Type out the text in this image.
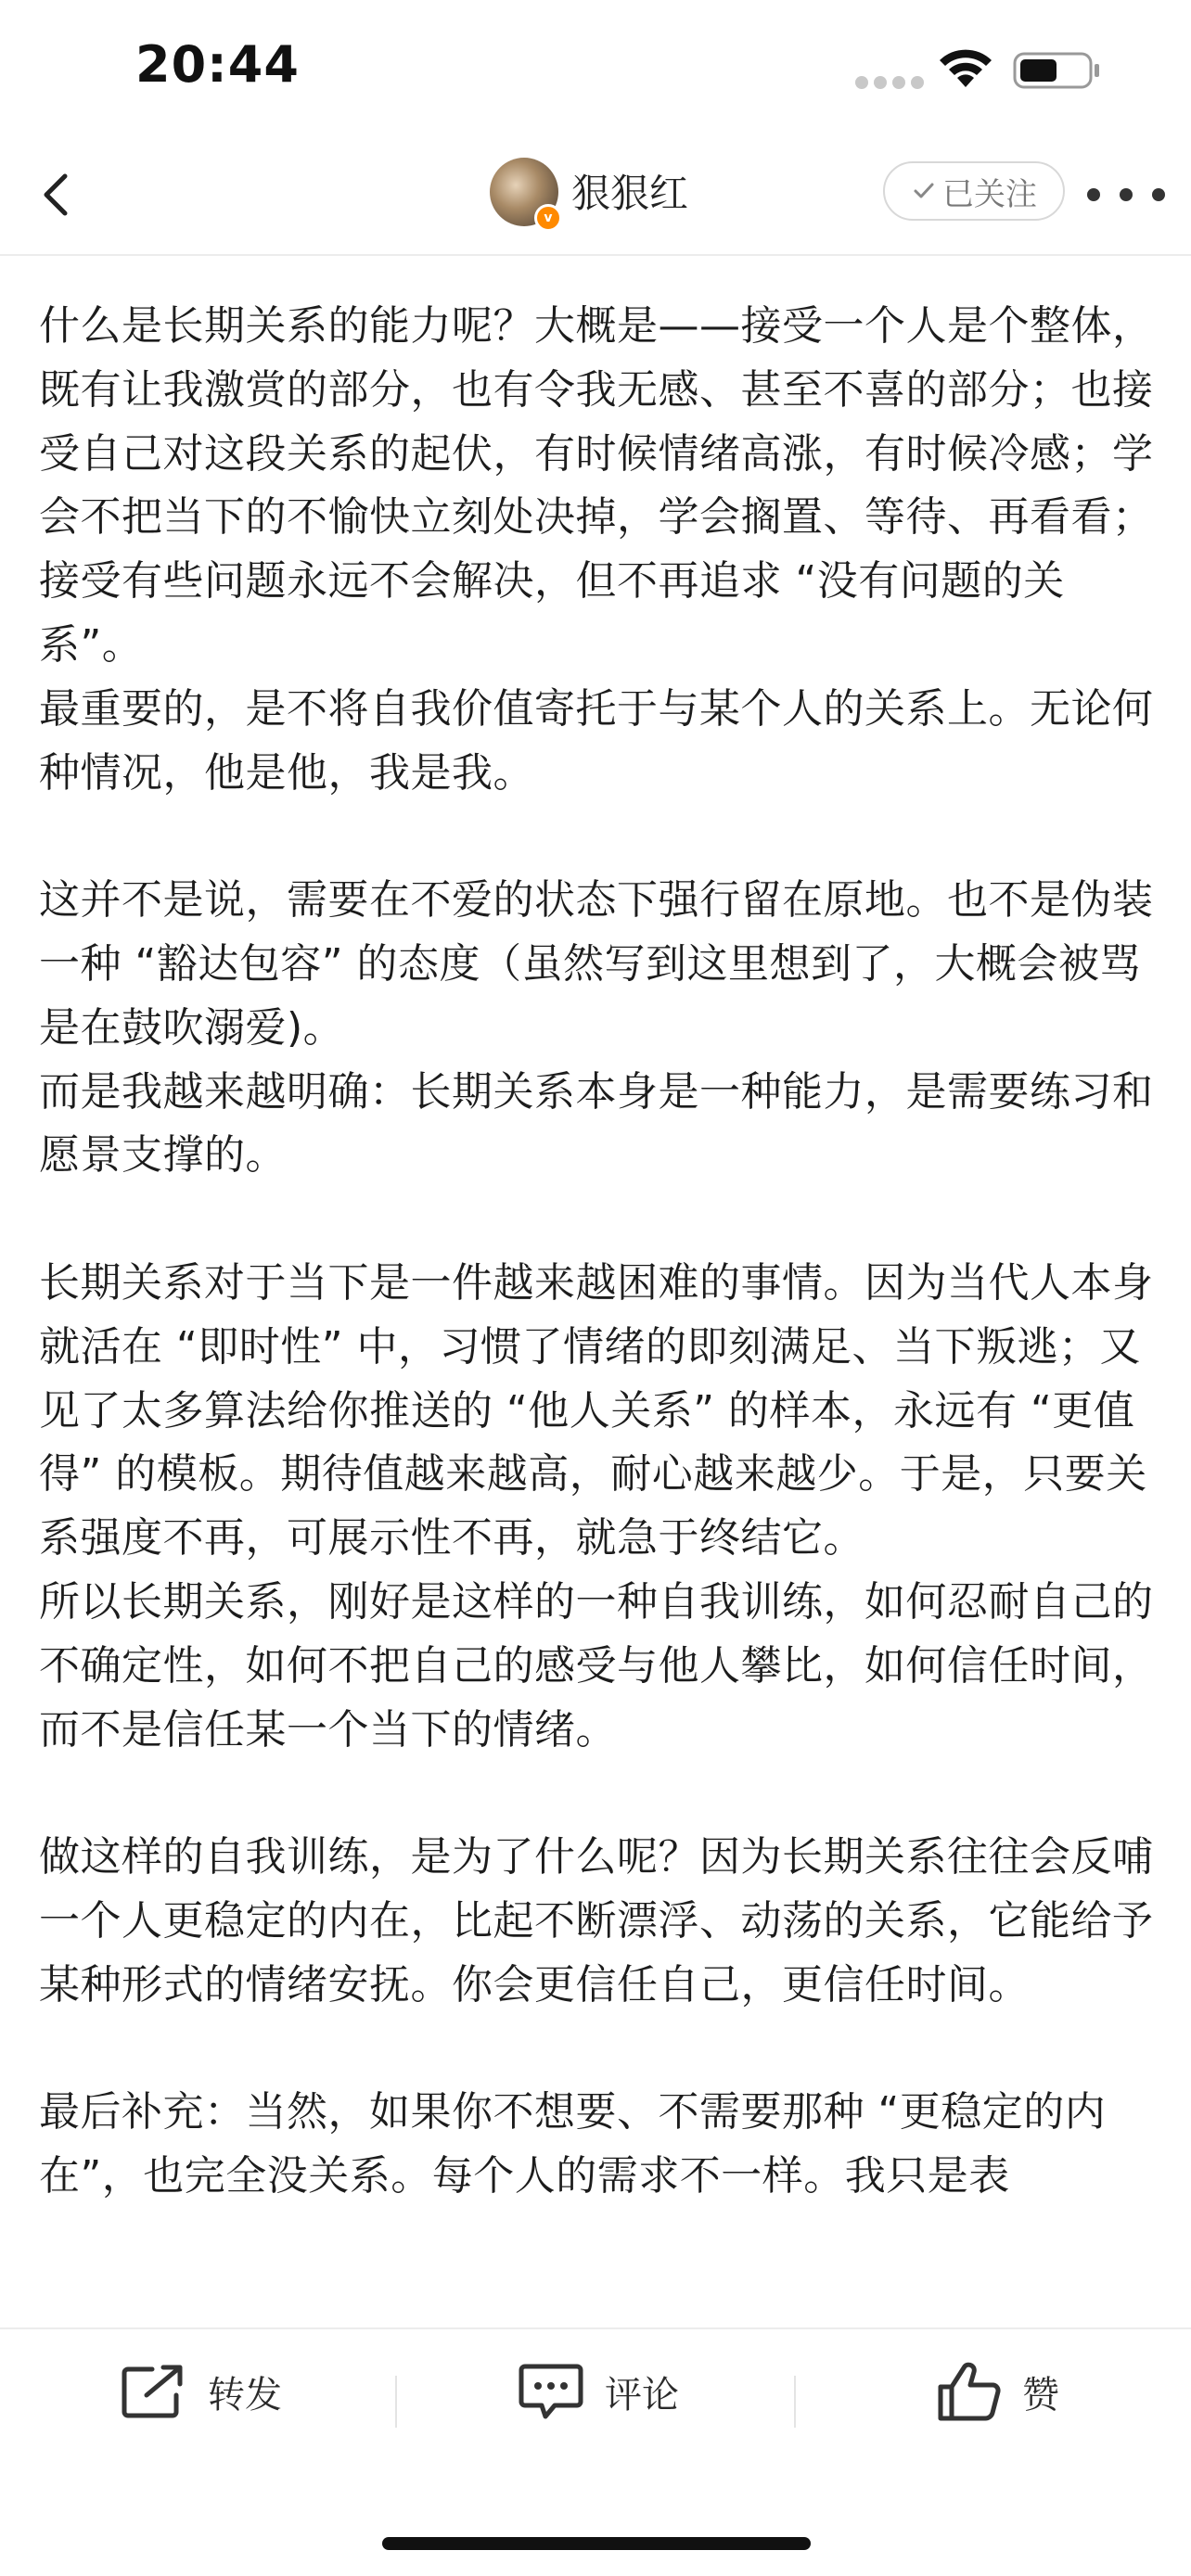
20:44
v
狠狠红	已关注

什么是长期关系的能力呢？大概是——接受一个人是个整体，既有让我激赏的部分，也有令我无感、甚至不喜的部分；也接受自己对这段关系的起伏，有时候情绪高涨，有时候冷感；学会不把当下的不愉快立刻处决掉，学会搁置、等待、再看看；接受有些问题永远不会解决，但不再追求 “没有问题的关系”。

最重要的，是不将自我价值寄托于与某个人的关系上。无论何种情况，他是他，我是我。

这并不是说，需要在不爱的状态下强行留在原地。也不是伪装一种 “豁达包容” 的态度（虽然写到这里想到了，大概会被骂是在鼓吹溺爱)。

而是我越来越明确：长期关系本身是一种能力，是需要练习和愿景支撑的。

长期关系对于当下是一件越来越困难的事情。因为当代人本身就活在 “即时性” 中，习惯了情绪的即刻满足、当下叛逃；又见了太多算法给你推送的 “他人关系” 的样本，永远有 “更值得” 的模板。期待值越来越高，耐心越来越少。于是，只要关系强度不再，可展示性不再，就急于终结它。

所以长期关系，刚好是这样的一种自我训练，如何忍耐自己的不确定性，如何不把自己的感受与他人攀比，如何信任时间，而不是信任某一个当下的情绪。

做这样的自我训练，是为了什么呢？因为长期关系往往会反哺一个人更稳定的内在，比起不断漂浮、动荡的关系，它能给予某种形式的情绪安抚。你会更信任自己，更信任时间。

最后补充：当然，如果你不想要、不需要那种 “更稳定的内在”，也完全没关系。每个人的需求不一样。我只是表

转发	评论	赞
